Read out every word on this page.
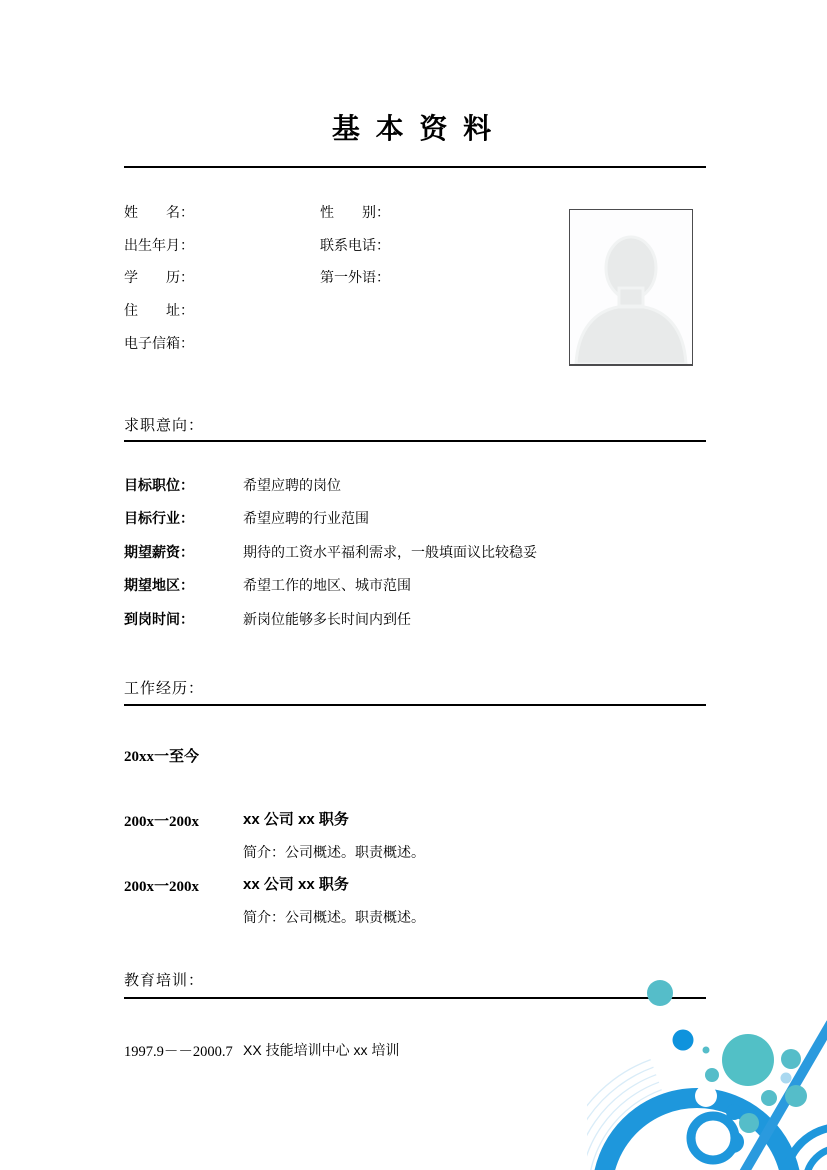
基 本 资 料
姓　　名：	性　　别：
出生年月：	联系电话：
学　　历：	第一外语：
住　　址：
电子信箱：
求职意向：
目标职位：	希望应聘的岗位
目标行业：	希望应聘的行业范围
期望薪资：	期待的工资水平福利需求，一般填面议比较稳妥
期望地区：	希望工作的地区、城市范围
到岗时间：	新岗位能够多长时间内到任
工作经历：
20xx一至今
200x一200x	xx 公司 xx 职务
简介：公司概述。职责概述。
200x一200x	xx 公司 xx 职务
简介：公司概述。职责概述。
教育培训：
1997.9－－2000.7 XX 技能培训中心 xx 培训
